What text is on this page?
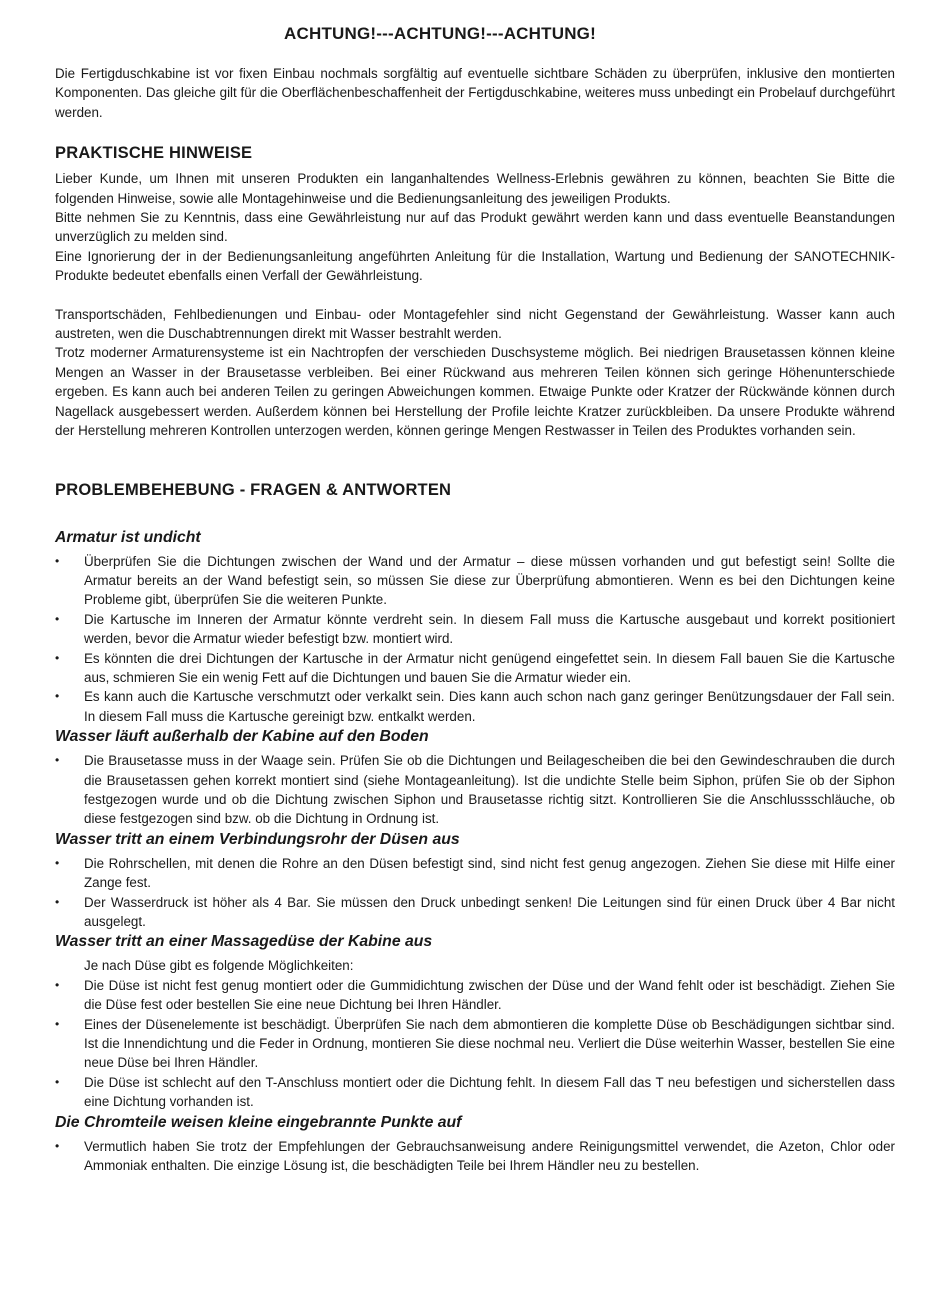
ACHTUNG!---ACHTUNG!---ACHTUNG!

Die Fertigduschkabine ist vor fixen Einbau nochmals sorgfältig auf eventuelle sichtbare Schäden zu überprüfen, inklusive den montierten Komponenten. Das gleiche gilt für die Oberflächenbeschaffenheit der Fertigduschkabine, weiteres muss unbedingt ein Probelauf durchgeführt werden.

PRAKTISCHE HINWEISE

Lieber Kunde, um Ihnen mit unseren Produkten ein langanhaltendes Wellness-Erlebnis gewähren zu können, beachten Sie Bitte die folgenden Hinweise, sowie alle Montagehinweise und die Bedienungsanleitung des jeweiligen Produkts.

Bitte nehmen Sie zu Kenntnis, dass eine Gewährleistung nur auf das Produkt gewährt werden kann und dass eventuelle Beanstandungen unverzüglich zu melden sind.

Eine Ignorierung der in der Bedienungsanleitung angeführten Anleitung für die Installation, Wartung und Bedienung der SANOTECHNIK-Produkte bedeutet ebenfalls einen Verfall der Gewährleistung.

Transportschäden, Fehlbedienungen und Einbau- oder Montagefehler sind nicht Gegenstand der Gewährleistung. Wasser kann auch austreten, wen die Duschabtrennungen direkt mit Wasser bestrahlt werden.

Trotz moderner Armaturensysteme ist ein Nachtropfen der verschieden Duschsysteme möglich. Bei niedrigen Brausetassen können kleine Mengen an Wasser in der Brausetasse verbleiben. Bei einer Rückwand aus mehreren Teilen können sich geringe Höhenunterschiede ergeben. Es kann auch bei anderen Teilen zu geringen Abweichungen kommen. Etwaige Punkte oder Kratzer der Rückwände können durch Nagellack ausgebessert werden. Außerdem können bei Herstellung der Profile leichte Kratzer zurückbleiben. Da unsere Produkte während der Herstellung mehreren Kontrollen unterzogen werden, können geringe Mengen Restwasser in Teilen des Produktes vorhanden sein.

PROBLEMBEHEBUNG - FRAGEN & ANTWORTEN
Armatur ist undicht
• Überprüfen Sie die Dichtungen zwischen der Wand und der Armatur – diese müssen vorhanden und gut befestigt sein! Sollte die Armatur bereits an der Wand befestigt sein, so müssen Sie diese zur Überprüfung abmontieren. Wenn es bei den Dichtungen keine Probleme gibt, überprüfen Sie die weiteren Punkte.
• Die Kartusche im Inneren der Armatur könnte verdreht sein. In diesem Fall muss die Kartusche ausgebaut und korrekt positioniert werden, bevor die Armatur wieder befestigt bzw. montiert wird.
• Es könnten die drei Dichtungen der Kartusche in der Armatur nicht genügend eingefettet sein. In diesem Fall bauen Sie die Kartusche aus, schmieren Sie ein wenig Fett auf die Dichtungen und bauen Sie die Armatur wieder ein.
• Es kann auch die Kartusche verschmutzt oder verkalkt sein. Dies kann auch schon nach ganz geringer Benützungsdauer der Fall sein. In diesem Fall muss die Kartusche gereinigt bzw. entkalkt werden.
Wasser läuft außerhalb der Kabine auf den Boden
• Die Brausetasse muss in der Waage sein. Prüfen Sie ob die Dichtungen und Beilagescheiben die bei den Gewindeschrauben die durch die Brausetassen gehen korrekt montiert sind (siehe Montageanleitung). Ist die undichte Stelle beim Siphon, prüfen Sie ob der Siphon festgezogen wurde und ob die Dichtung zwischen Siphon und Brausetasse richtig sitzt. Kontrollieren Sie die Anschlussschläuche, ob diese festgezogen sind bzw. ob die Dichtung in Ordnung ist.
Wasser tritt an einem Verbindungsrohr der Düsen aus
• Die Rohrschellen, mit denen die Rohre an den Düsen befestigt sind, sind nicht fest genug angezogen. Ziehen Sie diese mit Hilfe einer Zange fest.
• Der Wasserdruck ist höher als 4 Bar. Sie müssen den Druck unbedingt senken! Die Leitungen sind für einen Druck über 4 Bar nicht ausgelegt.
Wasser tritt an einer Massagedüse der Kabine aus
Je nach Düse gibt es folgende Möglichkeiten:
• Die Düse ist nicht fest genug montiert oder die Gummidichtung zwischen der Düse und der Wand fehlt oder ist beschädigt. Ziehen Sie die Düse fest oder bestellen Sie eine neue Dichtung bei Ihren Händler.
• Eines der Düsenelemente ist beschädigt. Überprüfen Sie nach dem abmontieren die komplette Düse ob Beschädigungen sichtbar sind. Ist die Innendichtung und die Feder in Ordnung, montieren Sie diese nochmal neu. Verliert die Düse weiterhin Wasser, bestellen Sie eine neue Düse bei Ihren Händler.
• Die Düse ist schlecht auf den T-Anschluss montiert oder die Dichtung fehlt. In diesem Fall das T neu befestigen und sicherstellen dass eine Dichtung vorhanden ist.
Die Chromteile weisen kleine eingebrannte Punkte auf
• Vermutlich haben Sie trotz der Empfehlungen der Gebrauchsanweisung andere Reinigungsmittel verwendet, die Azeton, Chlor oder Ammoniak enthalten. Die einzige Lösung ist, die beschädigten Teile bei Ihrem Händler neu zu bestellen.
